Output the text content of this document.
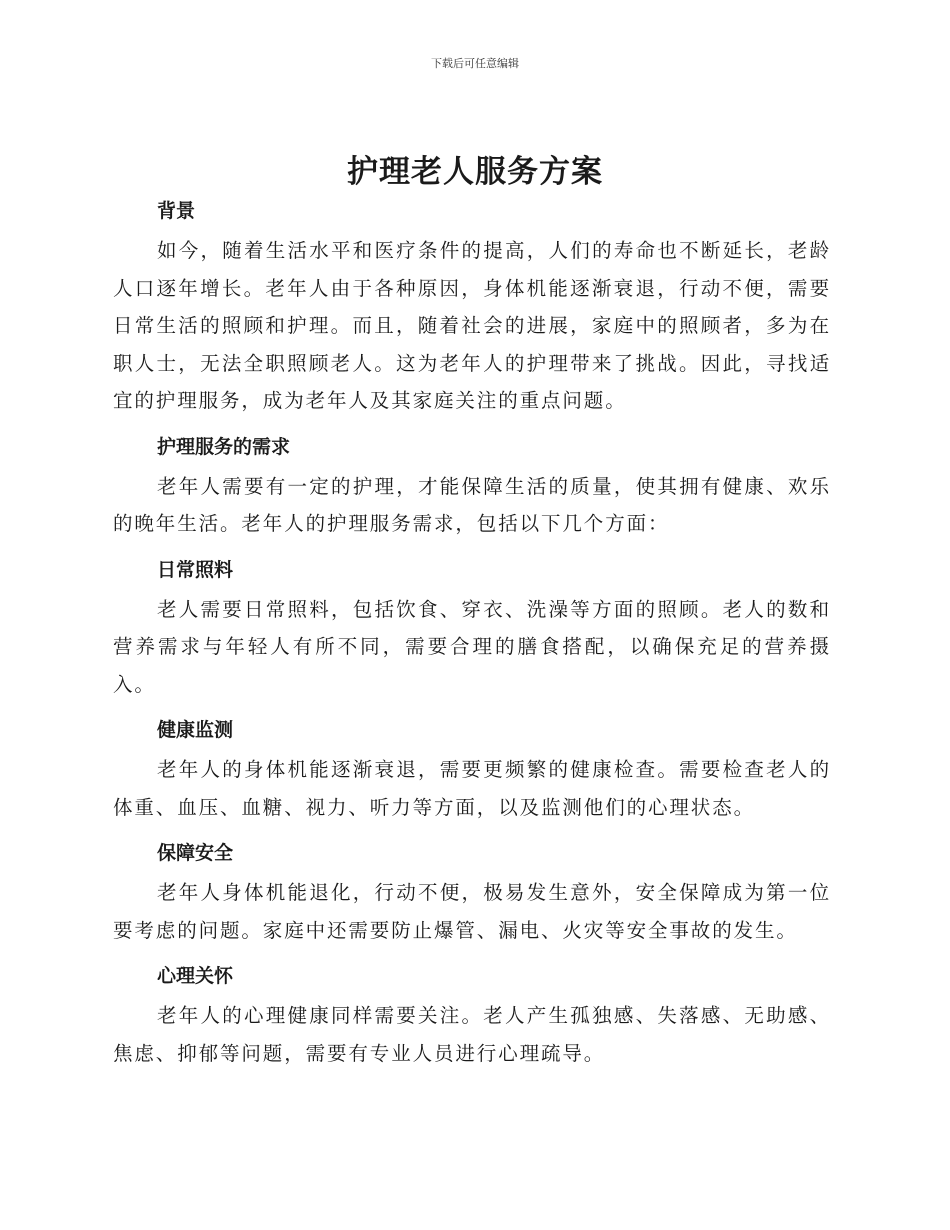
下载后可任意编辑
护理老人服务方案
背景

如今，随着生活水平和医疗条件的提高，人们的寿命也不断延长，老龄人口逐年增长。老年人由于各种原因，身体机能逐渐衰退，行动不便，需要日常生活的照顾和护理。而且，随着社会的进展，家庭中的照顾者，多为在职人士，无法全职照顾老人。这为老年人的护理带来了挑战。因此，寻找适宜的护理服务，成为老年人及其家庭关注的重点问题。

护理服务的需求

老年人需要有一定的护理，才能保障生活的质量，使其拥有健康、欢乐的晚年生活。老年人的护理服务需求，包括以下几个方面：

日常照料

老人需要日常照料，包括饮食、穿衣、洗澡等方面的照顾。老人的数和营养需求与年轻人有所不同，需要合理的膳食搭配，以确保充足的营养摄入。

健康监测

老年人的身体机能逐渐衰退，需要更频繁的健康检查。需要检查老人的体重、血压、血糖、视力、听力等方面，以及监测他们的心理状态。

保障安全

老年人身体机能退化，行动不便，极易发生意外，安全保障成为第一位要考虑的问题。家庭中还需要防止爆管、漏电、火灾等安全事故的发生。

心理关怀

老年人的心理健康同样需要关注。老人产生孤独感、失落感、无助感、焦虑、抑郁等问题，需要有专业人员进行心理疏导。
